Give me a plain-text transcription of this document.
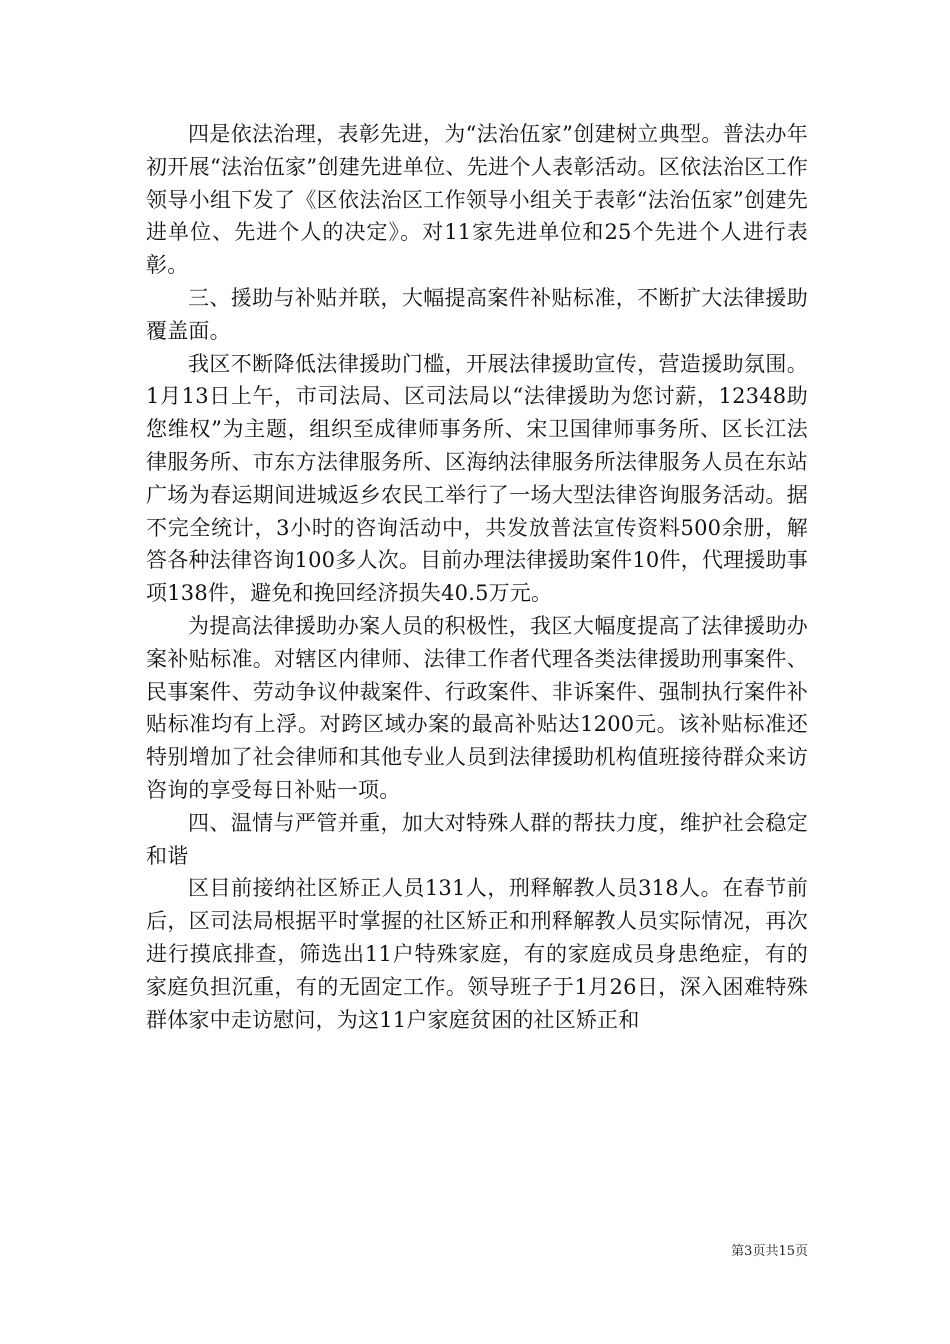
四是依法治理，表彰先进，为“法治伍家”创建树立典型。普法办年初开展“法治伍家”创建先进单位、先进个人表彰活动。区依法治区工作领导小组下发了《区依法治区工作领导小组关于表彰“法治伍家”创建先进单位、先进个人的决定》。对11家先进单位和25个先进个人进行表彰。

三、援助与补贴并联，大幅提高案件补贴标准，不断扩大法律援助覆盖面。

我区不断降低法律援助门槛，开展法律援助宣传，营造援助氛围。1月13日上午，市司法局、区司法局以“法律援助为您讨薪，12348助您维权”为主题，组织至成律师事务所、宋卫国律师事务所、区长江法律服务所、市东方法律服务所、区海纳法律服务所法律服务人员在东站广场为春运期间进城返乡农民工举行了一场大型法律咨询服务活动。据不完全统计，3小时的咨询活动中，共发放普法宣传资料500余册，解答各种法律咨询100多人次。目前办理法律援助案件10件，代理援助事项138件，避免和挽回经济损失40.5万元。

为提高法律援助办案人员的积极性，我区大幅度提高了法律援助办案补贴标准。对辖区内律师、法律工作者代理各类法律援助刑事案件、民事案件、劳动争议仲裁案件、行政案件、非诉案件、强制执行案件补贴标准均有上浮。对跨区域办案的最高补贴达1200元。该补贴标准还特别增加了社会律师和其他专业人员到法律援助机构值班接待群众来访咨询的享受每日补贴一项。

四、温情与严管并重，加大对特殊人群的帮扶力度，维护社会稳定和谐

区目前接纳社区矫正人员131人，刑释解教人员318人。在春节前后，区司法局根据平时掌握的社区矫正和刑释解教人员实际情况，再次进行摸底排查，筛选出11户特殊家庭，有的家庭成员身患绝症，有的家庭负担沉重，有的无固定工作。领导班子于1月26日，深入困难特殊群体家中走访慰问，为这11户家庭贫困的社区矫正和

第3页共15页
